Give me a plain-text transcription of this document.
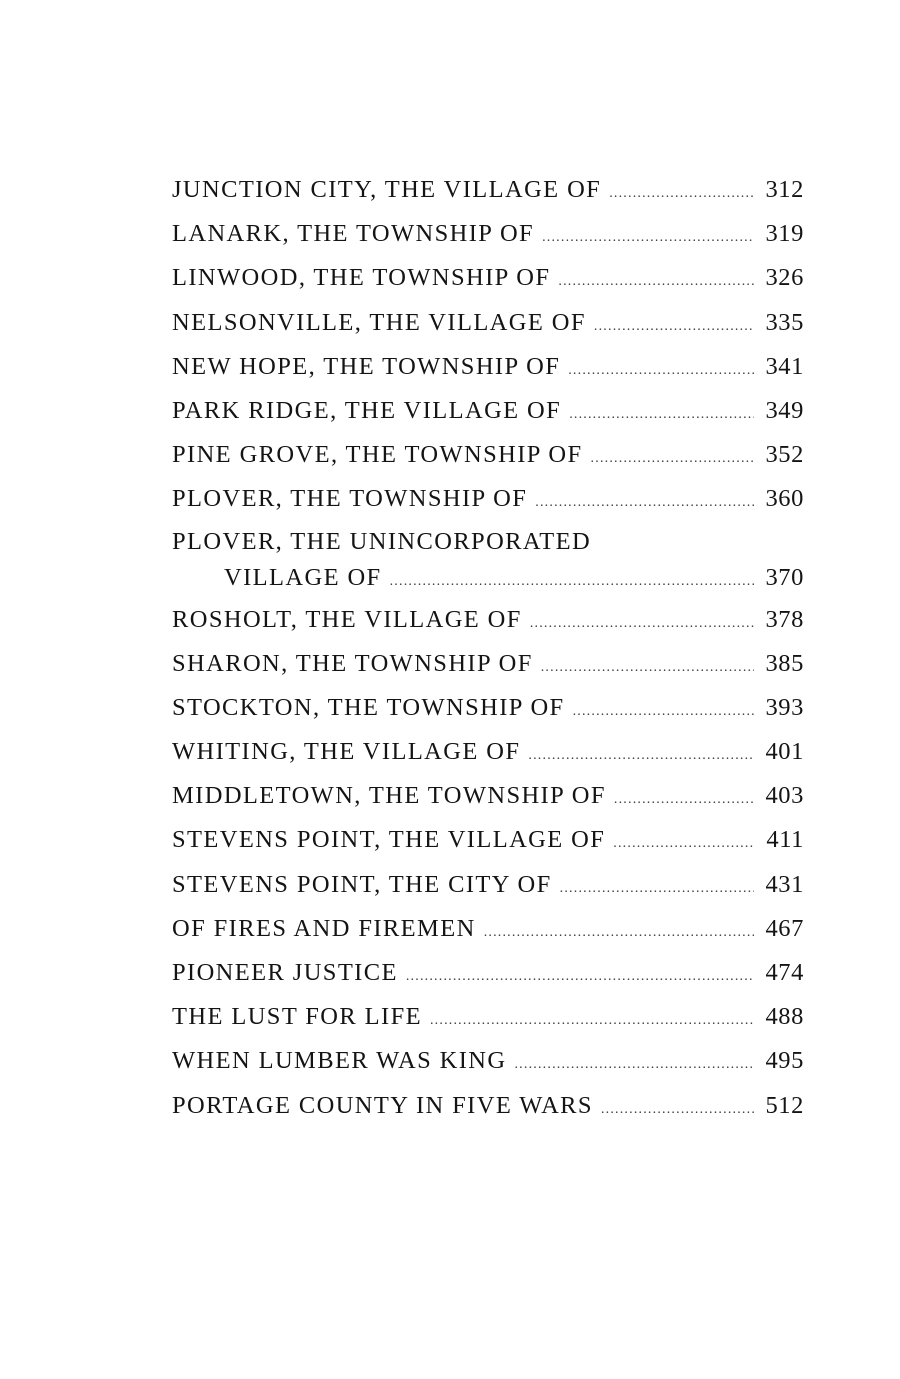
JUNCTION CITY, THE VILLAGE OF .....	312
LANARK, THE TOWNSHIP OF .....	319
LINWOOD, THE TOWNSHIP OF .....	326
NELSONVILLE, THE VILLAGE OF .....	335
NEW HOPE, THE TOWNSHIP OF .....	341
PARK RIDGE, THE VILLAGE OF .....	349
PINE GROVE, THE TOWNSHIP OF .....	352
PLOVER, THE TOWNSHIP OF .....	360
PLOVER, THE UNINCORPORATED
VILLAGE OF .....	370
ROSHOLT, THE VILLAGE OF .....	378
SHARON, THE TOWNSHIP OF .....	385
STOCKTON, THE TOWNSHIP OF .....	393
WHITING, THE VILLAGE OF .....	401
MIDDLETOWN, THE TOWNSHIP OF .....	403
STEVENS POINT, THE VILLAGE OF .....	411
STEVENS POINT, THE CITY OF .....	431
OF FIRES AND FIREMEN .....	467
PIONEER JUSTICE .....	474
THE LUST FOR LIFE .....	488
WHEN LUMBER WAS KING .....	495
PORTAGE COUNTY IN FIVE WARS .....	512
